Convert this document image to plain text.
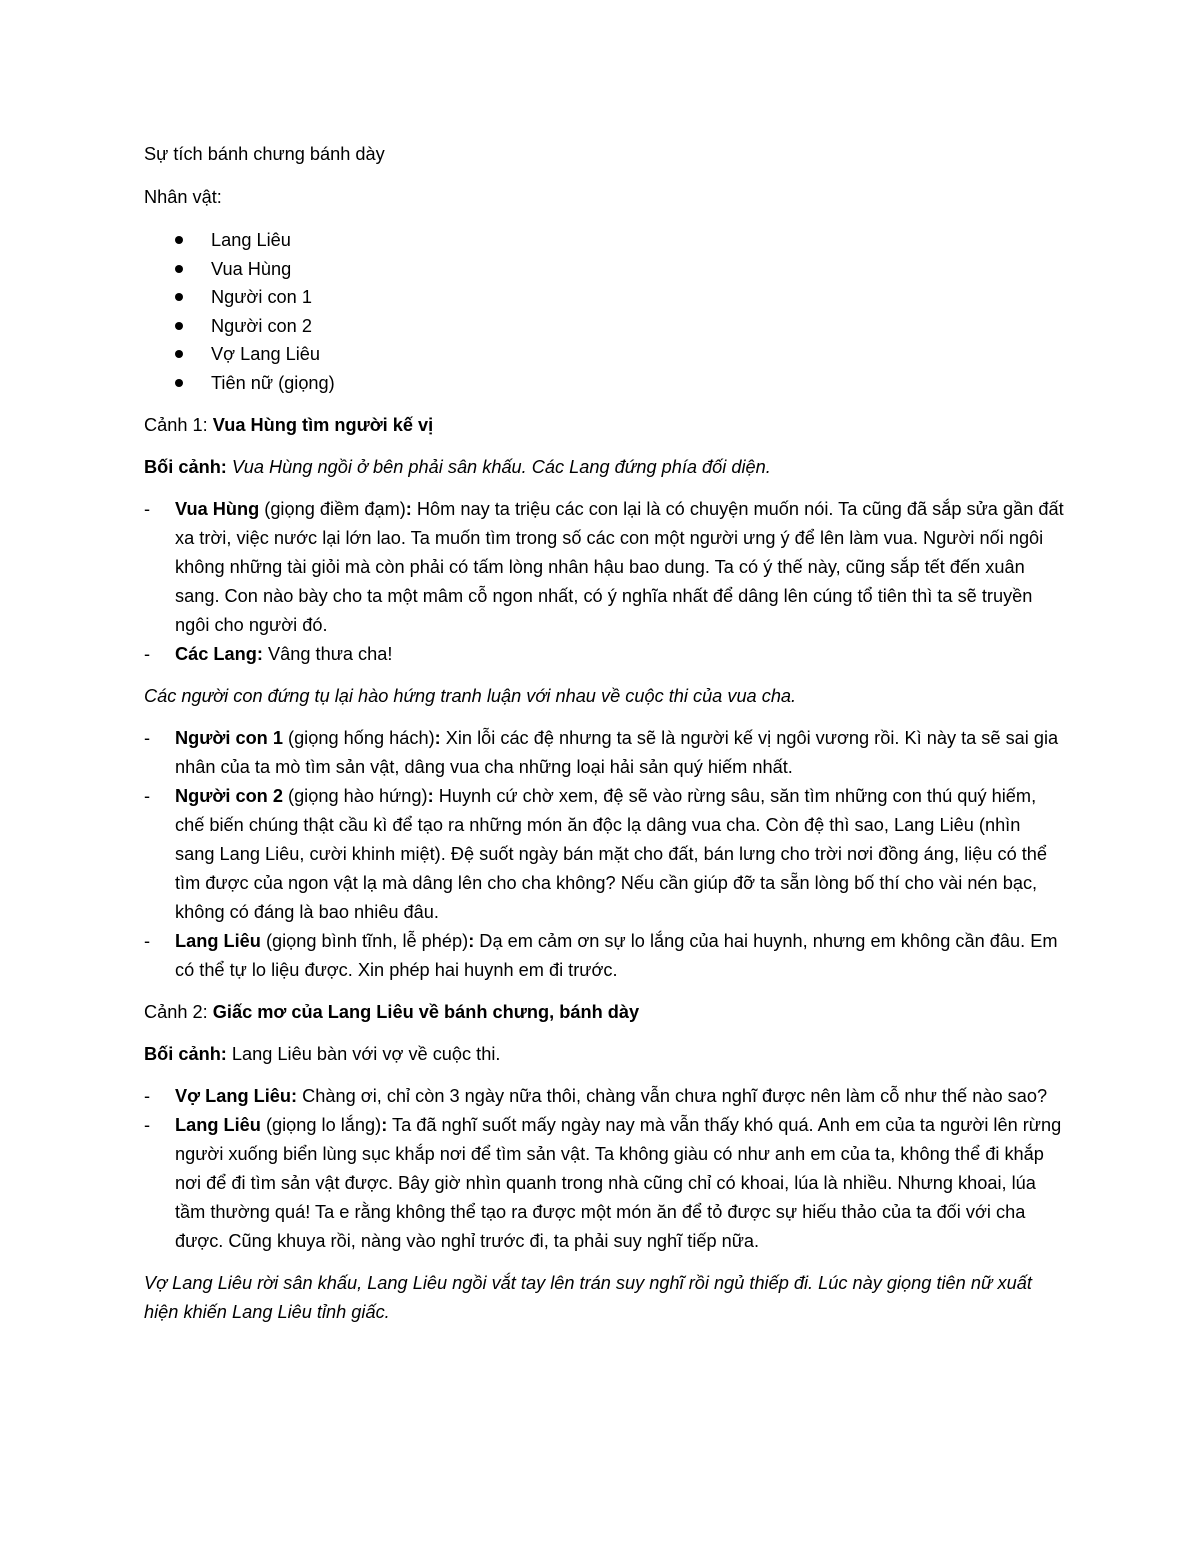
Sự tích bánh chưng bánh dày

Nhân vật:

Lang Liêu
Vua Hùng
Người con 1
Người con 2
Vợ Lang Liêu
Tiên nữ (giọng)

Cảnh 1: Vua Hùng tìm người kế vị

Bối cảnh: Vua Hùng ngồi ở bên phải sân khấu. Các Lang đứng phía đối diện.

- Vua Hùng (giọng điềm đạm): Hôm nay ta triệu các con lại là có chuyện muốn nói. Ta cũng đã sắp sửa gần đất xa trời, việc nước lại lớn lao. Ta muốn tìm trong số các con một người ưng ý để lên làm vua. Người nối ngôi không những tài giỏi mà còn phải có tấm lòng nhân hậu bao dung. Ta có ý thế này, cũng sắp tết đến xuân sang. Con nào bày cho ta một mâm cỗ ngon nhất, có ý nghĩa nhất để dâng lên cúng tổ tiên thì ta sẽ truyền ngôi cho người đó.
- Các Lang: Vâng thưa cha!

Các người con đứng tụ lại hào hứng tranh luận với nhau về cuộc thi của vua cha.

- Người con 1 (giọng hống hách): Xin lỗi các đệ nhưng ta sẽ là người kế vị ngôi vương rồi. Kì này ta sẽ sai gia nhân của ta mò tìm sản vật, dâng vua cha những loại hải sản quý hiếm nhất.
- Người con 2 (giọng hào hứng): Huynh cứ chờ xem, đệ sẽ vào rừng sâu, săn tìm những con thú quý hiếm, chế biến chúng thật cầu kì để tạo ra những món ăn độc lạ dâng vua cha. Còn đệ thì sao, Lang Liêu (nhìn sang Lang Liêu, cười khinh miệt). Đệ suốt ngày bán mặt cho đất, bán lưng cho trời nơi đồng áng, liệu có thể tìm được của ngon vật lạ mà dâng lên cho cha không? Nếu cần giúp đỡ ta sẵn lòng bố thí cho vài nén bạc, không có đáng là bao nhiêu đâu.
- Lang Liêu (giọng bình tĩnh, lễ phép): Dạ em cảm ơn sự lo lắng của hai huynh, nhưng em không cần đâu. Em có thể tự lo liệu được. Xin phép hai huynh em đi trước.

Cảnh 2: Giấc mơ của Lang Liêu về bánh chưng, bánh dày

Bối cảnh: Lang Liêu bàn với vợ về cuộc thi.

- Vợ Lang Liêu: Chàng ơi, chỉ còn 3 ngày nữa thôi, chàng vẫn chưa nghĩ được nên làm cỗ như thế nào sao?
- Lang Liêu (giọng lo lắng): Ta đã nghĩ suốt mấy ngày nay mà vẫn thấy khó quá. Anh em của ta người lên rừng người xuống biển lùng sục khắp nơi để tìm sản vật. Ta không giàu có như anh em của ta, không thể đi khắp nơi để đi tìm sản vật được. Bây giờ nhìn quanh trong nhà cũng chỉ có khoai, lúa là nhiều. Nhưng khoai, lúa tầm thường quá! Ta e rằng không thể tạo ra được một món ăn để tỏ được sự hiếu thảo của ta đối với cha được. Cũng khuya rồi, nàng vào nghỉ trước đi, ta phải suy nghĩ tiếp nữa.

Vợ Lang Liêu rời sân khấu, Lang Liêu ngồi vắt tay lên trán suy nghĩ rồi ngủ thiếp đi. Lúc này giọng tiên nữ xuất hiện khiến Lang Liêu tỉnh giấc.
